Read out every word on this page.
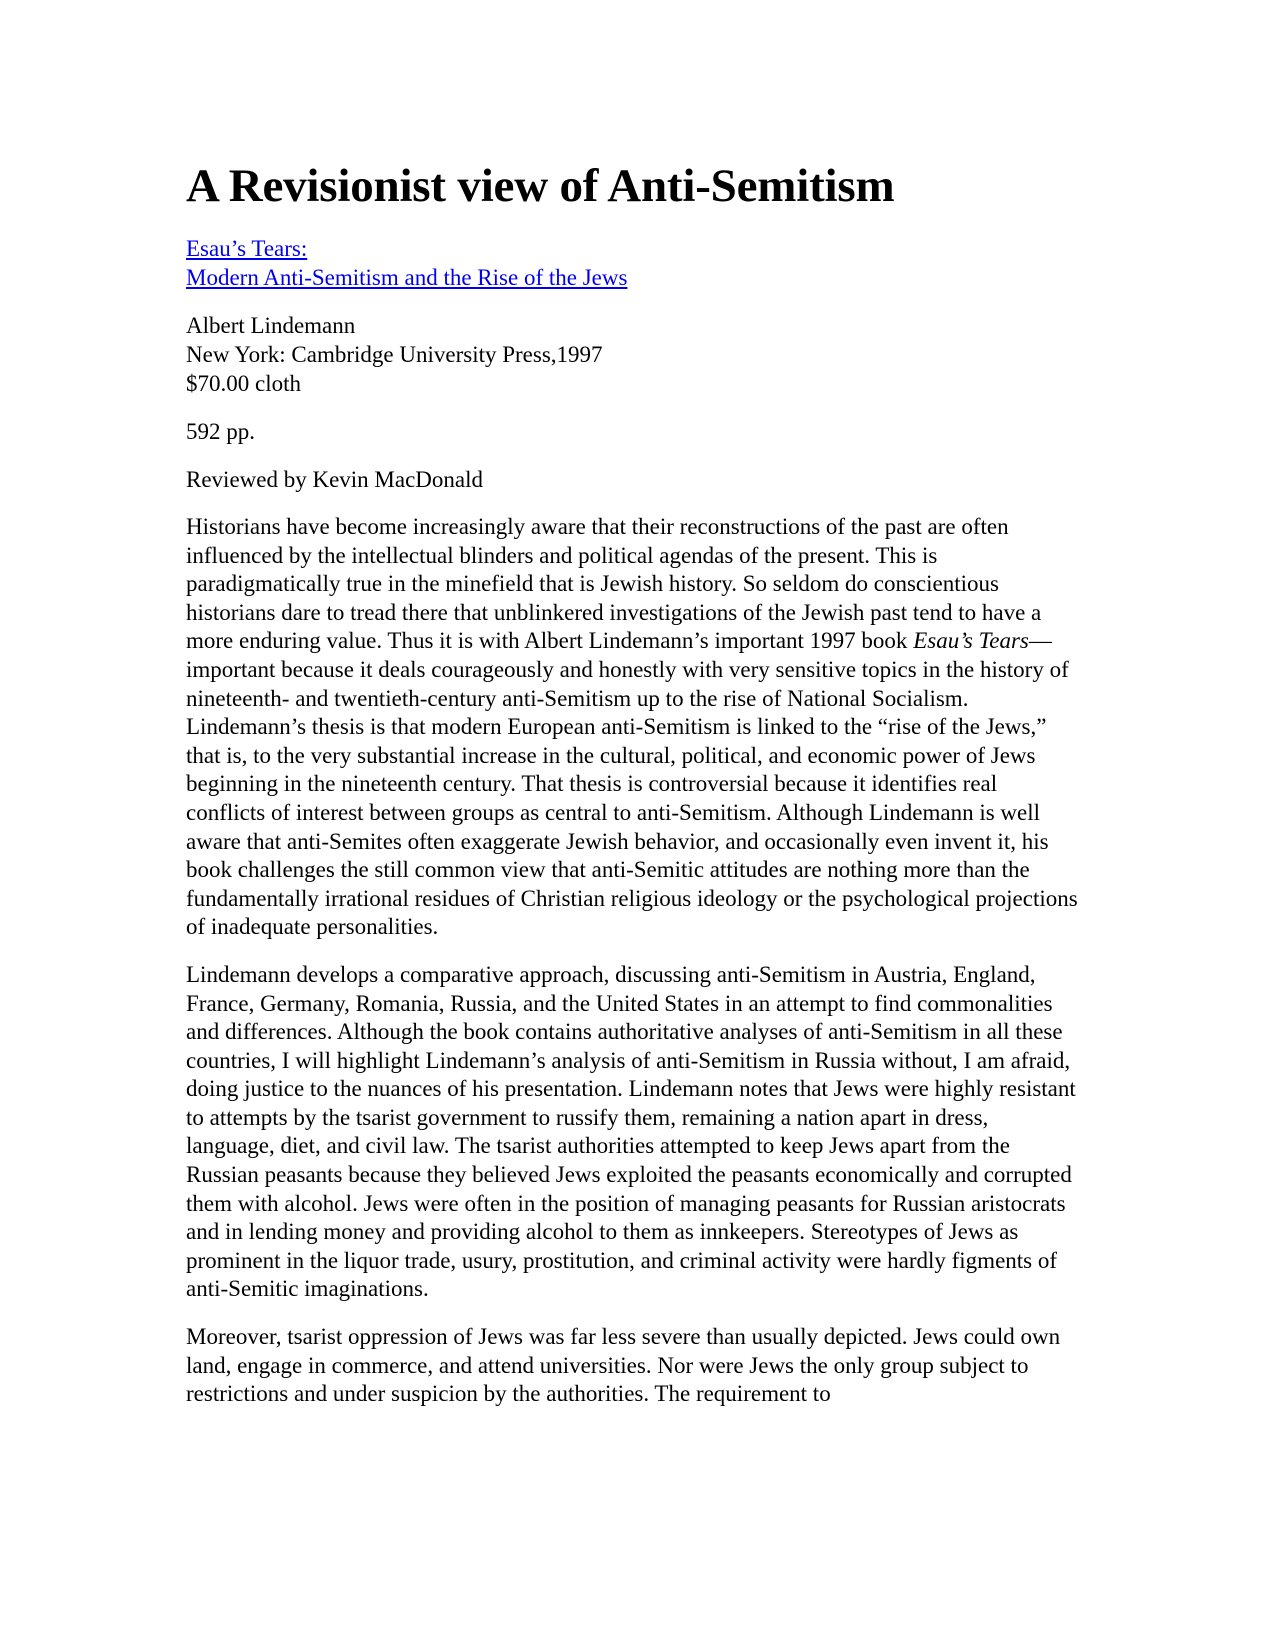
A Revisionist view of Anti-Semitism
Esau’s Tears:
Modern Anti-Semitism and the Rise of the Jews
Albert Lindemann
New York: Cambridge University Press,1997
$70.00 cloth
592 pp.
Reviewed by Kevin MacDonald

Historians have become increasingly aware that their reconstructions of the past are often influenced by the intellectual blinders and political agendas of the present. This is paradigmatically true in the minefield that is Jewish history. So seldom do conscientious historians dare to tread there that unblinkered investigations of the Jewish past tend to have a more enduring value. Thus it is with Albert Lindemann’s important 1997 book Esau’s Tears—important because it deals courageously and honestly with very sensitive topics in the history of nineteenth- and twentieth-century anti-Semitism up to the rise of National Socialism. Lindemann’s thesis is that modern European anti-Semitism is linked to the “rise of the Jews,” that is, to the very substantial increase in the cultural, political, and economic power of Jews beginning in the nineteenth century. That thesis is controversial because it identifies real conflicts of interest between groups as central to anti-Semitism. Although Lindemann is well aware that anti-Semites often exaggerate Jewish behavior, and occasionally even invent it, his book challenges the still common view that anti-Semitic attitudes are nothing more than the fundamentally irrational residues of Christian religious ideology or the psychological projections of inadequate personalities.

Lindemann develops a comparative approach, discussing anti-Semitism in Austria, England, France, Germany, Romania, Russia, and the United States in an attempt to find commonalities and differences. Although the book contains authoritative analyses of anti-Semitism in all these countries, I will highlight Lindemann’s analysis of anti-Semitism in Russia without, I am afraid, doing justice to the nuances of his presentation. Lindemann notes that Jews were highly resistant to attempts by the tsarist government to russify them, remaining a nation apart in dress, language, diet, and civil law. The tsarist authorities attempted to keep Jews apart from the Russian peasants because they believed Jews exploited the peasants economically and corrupted them with alcohol. Jews were often in the position of managing peasants for Russian aristocrats and in lending money and providing alcohol to them as innkeepers. Stereotypes of Jews as prominent in the liquor trade, usury, prostitution, and criminal activity were hardly figments of anti-Semitic imaginations.

Moreover, tsarist oppression of Jews was far less severe than usually depicted. Jews could own land, engage in commerce, and attend universities. Nor were Jews the only group subject to restrictions and under suspicion by the authorities. The requirement to
